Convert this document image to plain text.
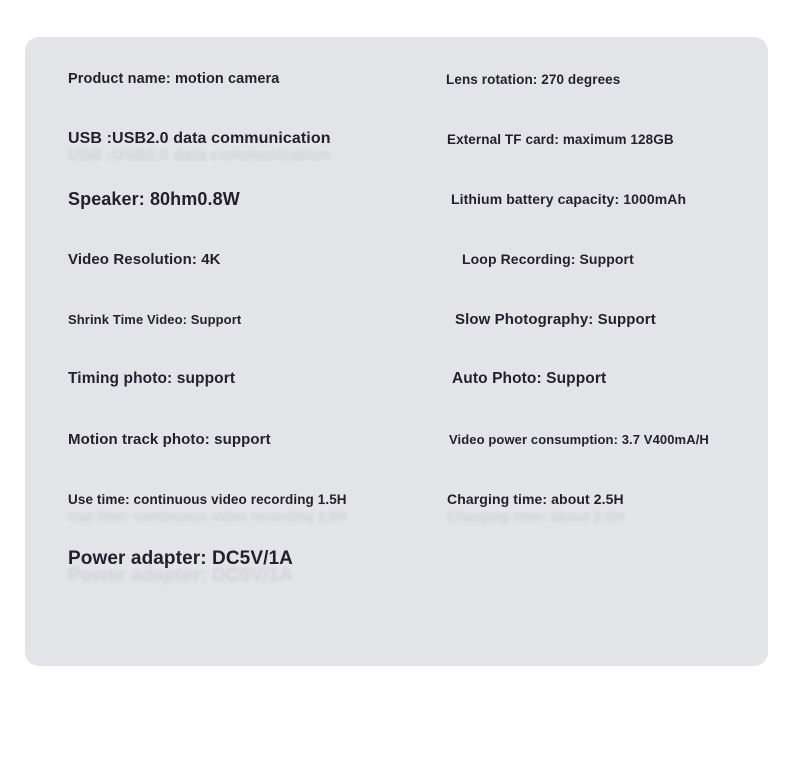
Product name: motion camera
USB :USB2.0 data communication
Speaker: 80hm0.8W
Video Resolution: 4K
Shrink Time Video: Support
Timing photo: support
Motion track photo: support
Use time: continuous video recording 1.5H
Power adapter: DC5V/1A
Lens rotation: 270 degrees
External TF card: maximum 128GB
Lithium battery capacity: 1000mAh
Loop Recording: Support
Slow Photography: Support
Auto Photo: Support
Video power consumption: 3.7 V400mA/H
Charging time: about 2.5H
